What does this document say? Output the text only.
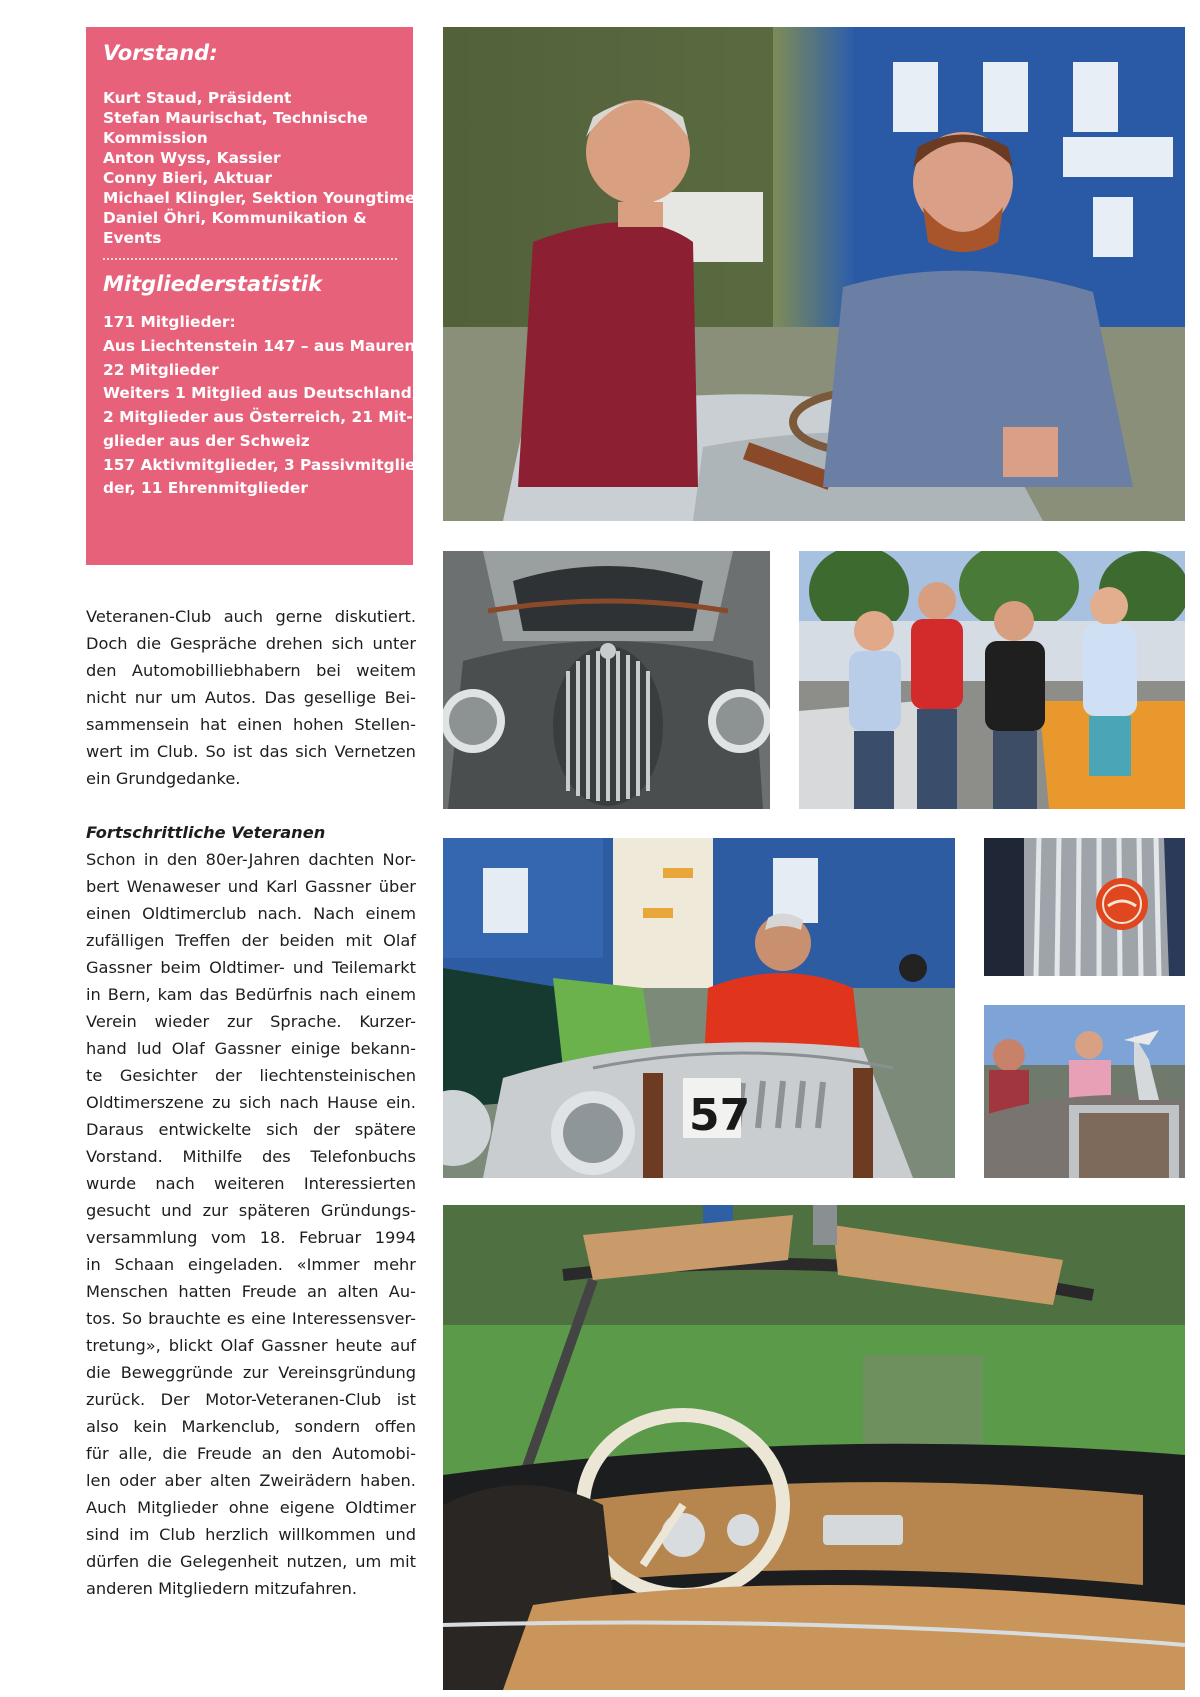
Vorstand:
Kurt Staud, Präsident
Stefan Maurischat, Technische
Kommission
Anton Wyss, Kassier
Conny Bieri, Aktuar
Michael Klingler, Sektion Youngtimer
Daniel Öhri, Kommunikation &
Events
Mitgliederstatistik
171 Mitglieder:
Aus Liechtenstein 147 – aus Mauren
22 Mitglieder
Weiters 1 Mitglied aus Deutschland,
2 Mitglieder aus Österreich, 21 Mit-
glieder aus der Schweiz
157 Aktivmitglieder, 3 Passivmitglie-
der, 11 Ehrenmitglieder
Veteranen-Club auch gerne diskutiert.
Doch die Gespräche drehen sich unter
den Automobilliebhabern bei weitem
nicht nur um Autos. Das gesellige Bei-
sammensein hat einen hohen Stellen-
wert im Club. So ist das sich Vernetzen
ein Grundgedanke.
Fortschrittliche Veteranen
Schon in den 80er-Jahren dachten Nor-
bert Wenaweser und Karl Gassner über
einen Oldtimerclub nach. Nach einem
zufälligen Treffen der beiden mit Olaf
Gassner beim Oldtimer- und Teilemarkt
in Bern, kam das Bedürfnis nach einem
Verein wieder zur Sprache. Kurzer-
hand lud Olaf Gassner einige bekann-
te Gesichter der liechtensteinischen
Oldtimerszene zu sich nach Hause ein.
Daraus entwickelte sich der spätere
Vorstand. Mithilfe des Telefonbuchs
wurde nach weiteren Interessierten
gesucht und zur späteren Gründungs-
versammlung vom 18. Februar 1994
in Schaan eingeladen. «Immer mehr
Menschen hatten Freude an alten Au-
tos. So brauchte es eine Interessensver-
tretung», blickt Olaf Gassner heute auf
die Beweggründe zur Vereinsgründung
zurück. Der Motor-Veteranen-Club ist
also kein Markenclub, sondern offen
für alle, die Freude an den Automobi-
len oder aber alten Zweirädern haben.
Auch Mitglieder ohne eigene Oldtimer
sind im Club herzlich willkommen und
dürfen die Gelegenheit nutzen, um mit
anderen Mitgliedern mitzufahren.
57
